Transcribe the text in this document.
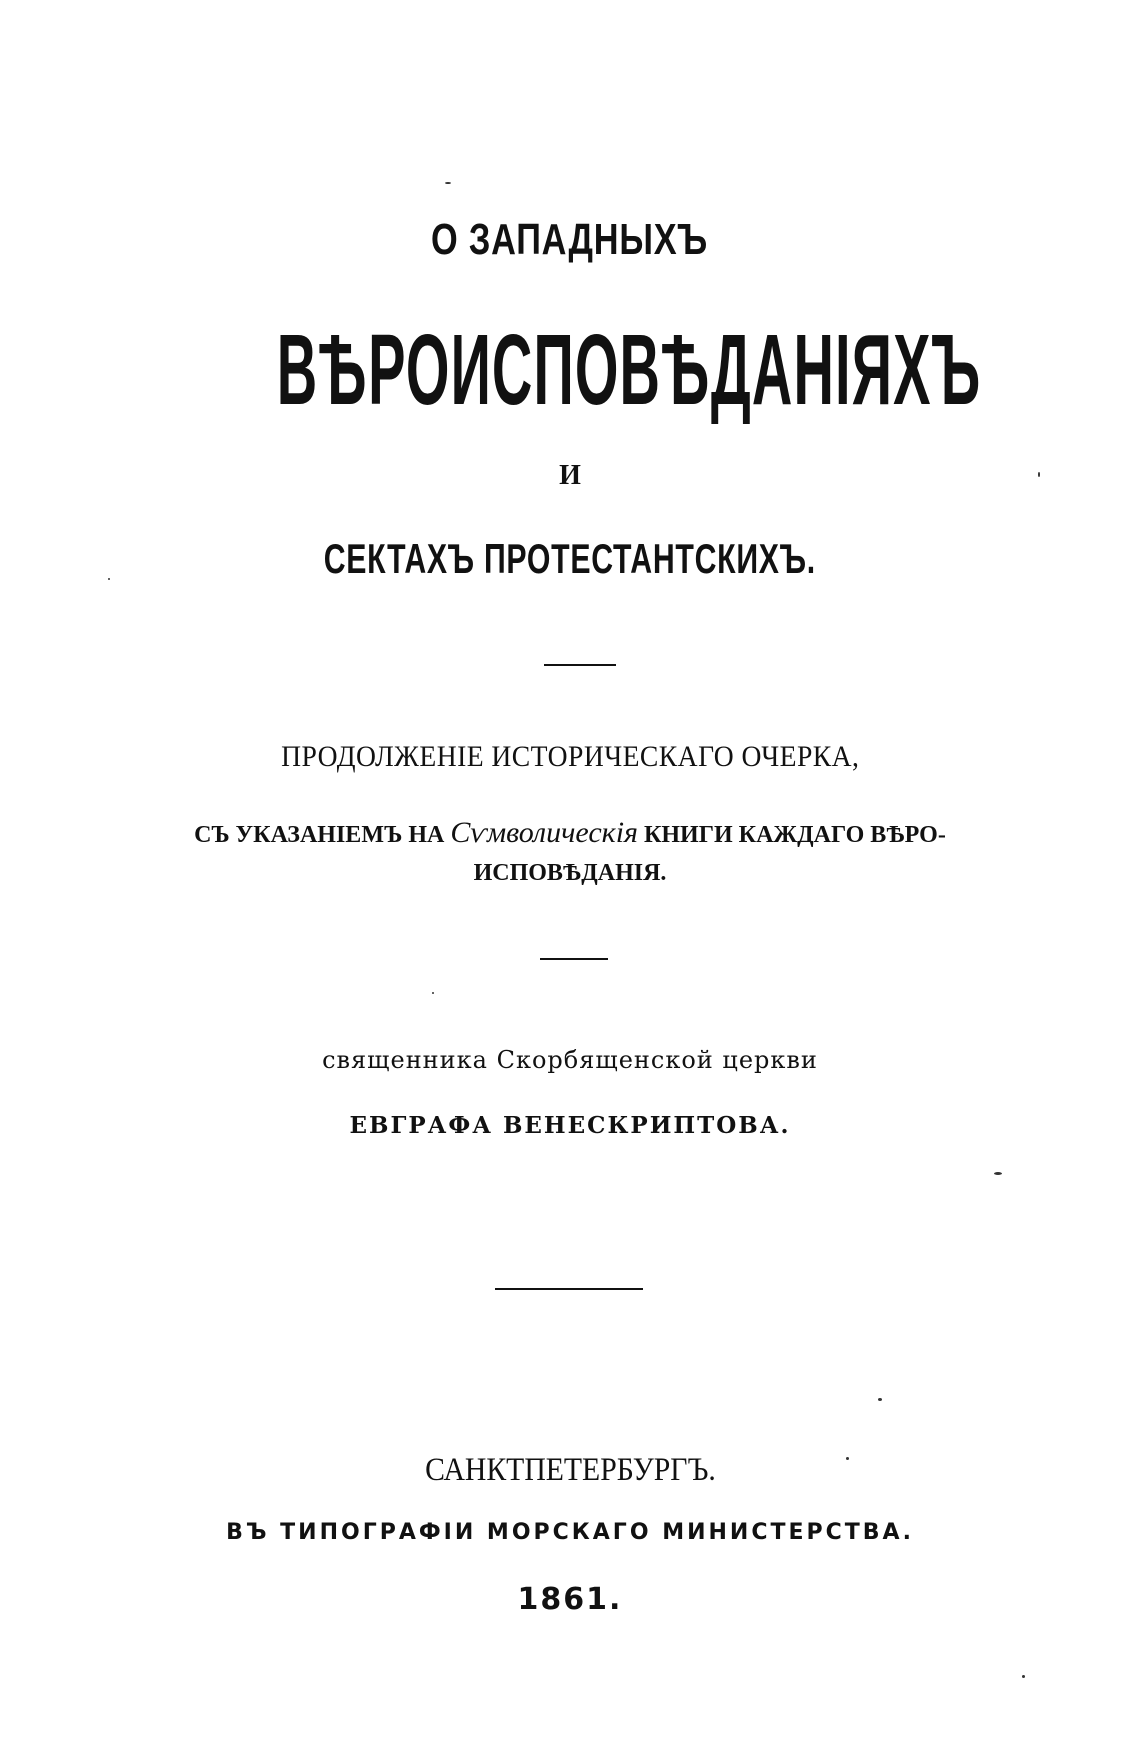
О ЗАПАДНЫХЪ
ВѢРОИСПОВѢДАНІЯХЪ
И
СЕКТАХЪ ПРОТЕСТАНТСКИХЪ.
ПРОДОЛЖЕНІЕ ИСТОРИЧЕСКАГО ОЧЕРКА,
СЪ УКАЗАНІЕМЪ НА Сѵмволическія КНИГИ КАЖДАГО ВѢРО-
ИСПОВѢДАНІЯ.
священника Скорбященской церкви
ЕВГРАФА ВЕНЕСКРИПТОВА.
САНКТПЕТЕРБУРГЪ.
ВЪ ТИПОГРАФІИ МОРСКАГО МИНИСТЕРСТВА.
1861.
